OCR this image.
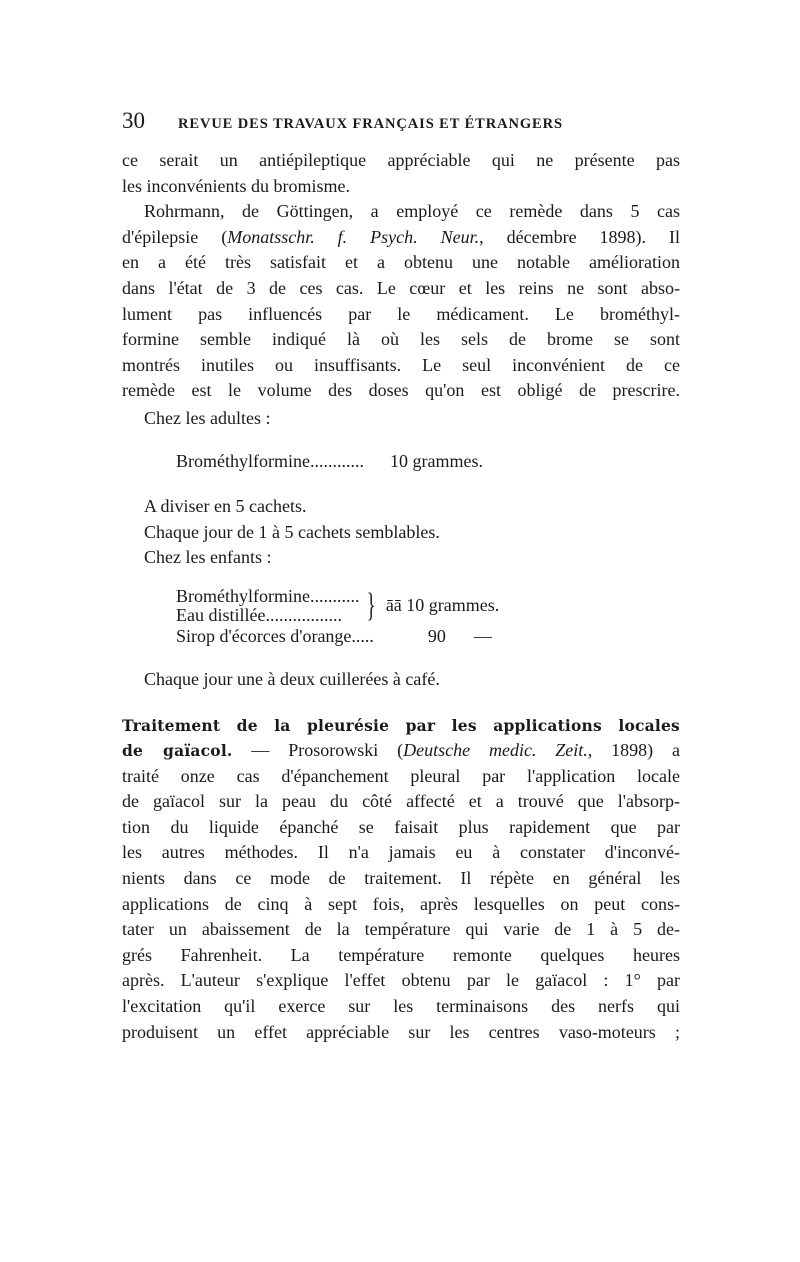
30	REVUE DES TRAVAUX FRANÇAIS ET ÉTRANGERS

ce serait un antiépileptique appréciable qui ne présente pas
les inconvénients du bromisme.

Rohrmann, de Göttingen, a employé ce remède dans 5 cas
d'épilepsie (Monatsschr. f. Psych. Neur., décembre 1898). Il
en a été très satisfait et a obtenu une notable amélioration
dans l'état de 3 de ces cas. Le cœur et les reins ne sont abso-
lument pas influencés par le médicament. Le brométhyl-
formine semble indiqué là où les sels de brome se sont
montrés inutiles ou insuffisants. Le seul inconvénient de ce
remède est le volume des doses qu'on est obligé de prescrire.

Chez les adultes :
Brométhylformine............ 10 grammes.
A diviser en 5 cachets.
Chaque jour de 1 à 5 cachets semblables.
Chez les enfants :
Brométhylformine...........
Eau distillée................. } āā 10 grammes.
Sirop d'écorces d'orange.....	90 —
Chaque jour une à deux cuillerées à café.

Traitement de la pleurésie par les applications locales
de gaïacol. — Prosorowski (Deutsche medic. Zeit., 1898) a
traité onze cas d'épanchement pleural par l'application locale
de gaïacol sur la peau du côté affecté et a trouvé que l'absorp-
tion du liquide épanché se faisait plus rapidement que par
les autres méthodes. Il n'a jamais eu à constater d'inconvé-
nients dans ce mode de traitement. Il répète en général les
applications de cinq à sept fois, après lesquelles on peut cons-
tater un abaissement de la température qui varie de 1 à 5 de-
grés Fahrenheit. La température remonte quelques heures
après. L'auteur s'explique l'effet obtenu par le gaïacol : 1° par
l'excitation qu'il exerce sur les terminaisons des nerfs qui
produisent un effet appréciable sur les centres vaso-moteurs ;
